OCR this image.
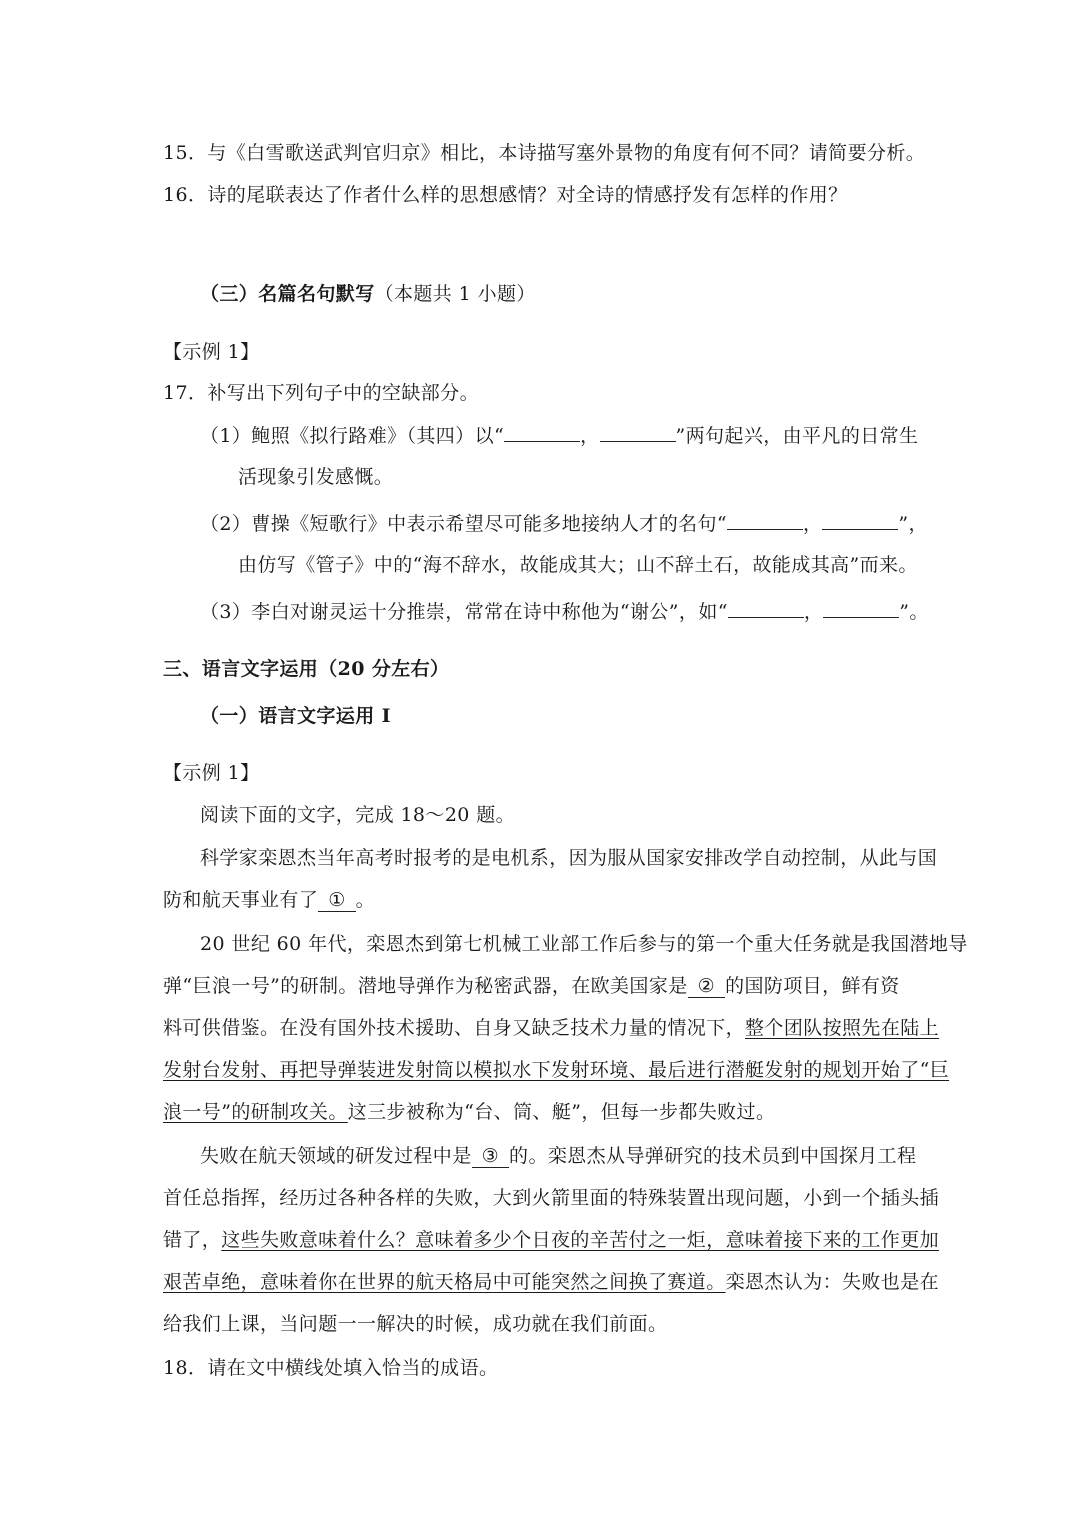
15．与《白雪歌送武判官归京》相比，本诗描写塞外景物的角度有何不同？请简要分析。
16．诗的尾联表达了作者什么样的思想感情？对全诗的情感抒发有怎样的作用？
（三）名篇名句默写（本题共 1 小题）
【示例 1】
17．补写出下列句子中的空缺部分。
（1）鲍照《拟行路难》（其四）以“	，	”两句起兴，由平凡的日常生
活现象引发感慨。
（2）曹操《短歌行》中表示希望尽可能多地接纳人才的名句“	，	”，
由仿写《管子》中的“海不辞水，故能成其大；山不辞土石，故能成其高”而来。
（3）李白对谢灵运十分推崇，常常在诗中称他为“谢公”，如“	，	”。
三、语言文字运用（20 分左右）
（一）语言文字运用 I
【示例 1】
阅读下面的文字，完成 18～20 题。
科学家栾恩杰当年高考时报考的是电机系，因为服从国家安排改学自动控制，从此与国
防和航天事业有了 ① 。
20 世纪 60 年代，栾恩杰到第七机械工业部工作后参与的第一个重大任务就是我国潜地导
弹“巨浪一号”的研制。潜地导弹作为秘密武器，在欧美国家是 ② 的国防项目，鲜有资
料可供借鉴。在没有国外技术援助、自身又缺乏技术力量的情况下，整个团队按照先在陆上
发射台发射、再把导弹装进发射筒以模拟水下发射环境、最后进行潜艇发射的规划开始了“巨
浪一号”的研制攻关。这三步被称为“台、筒、艇”，但每一步都失败过。
失败在航天领域的研发过程中是 ③ 的。栾恩杰从导弹研究的技术员到中国探月工程
首任总指挥，经历过各种各样的失败，大到火箭里面的特殊装置出现问题，小到一个插头插
错了，这些失败意味着什么？意味着多少个日夜的辛苦付之一炬，意味着接下来的工作更加
艰苦卓绝，意味着你在世界的航天格局中可能突然之间换了赛道。栾恩杰认为：失败也是在
给我们上课，当问题一一解决的时候，成功就在我们前面。
18．请在文中横线处填入恰当的成语。
